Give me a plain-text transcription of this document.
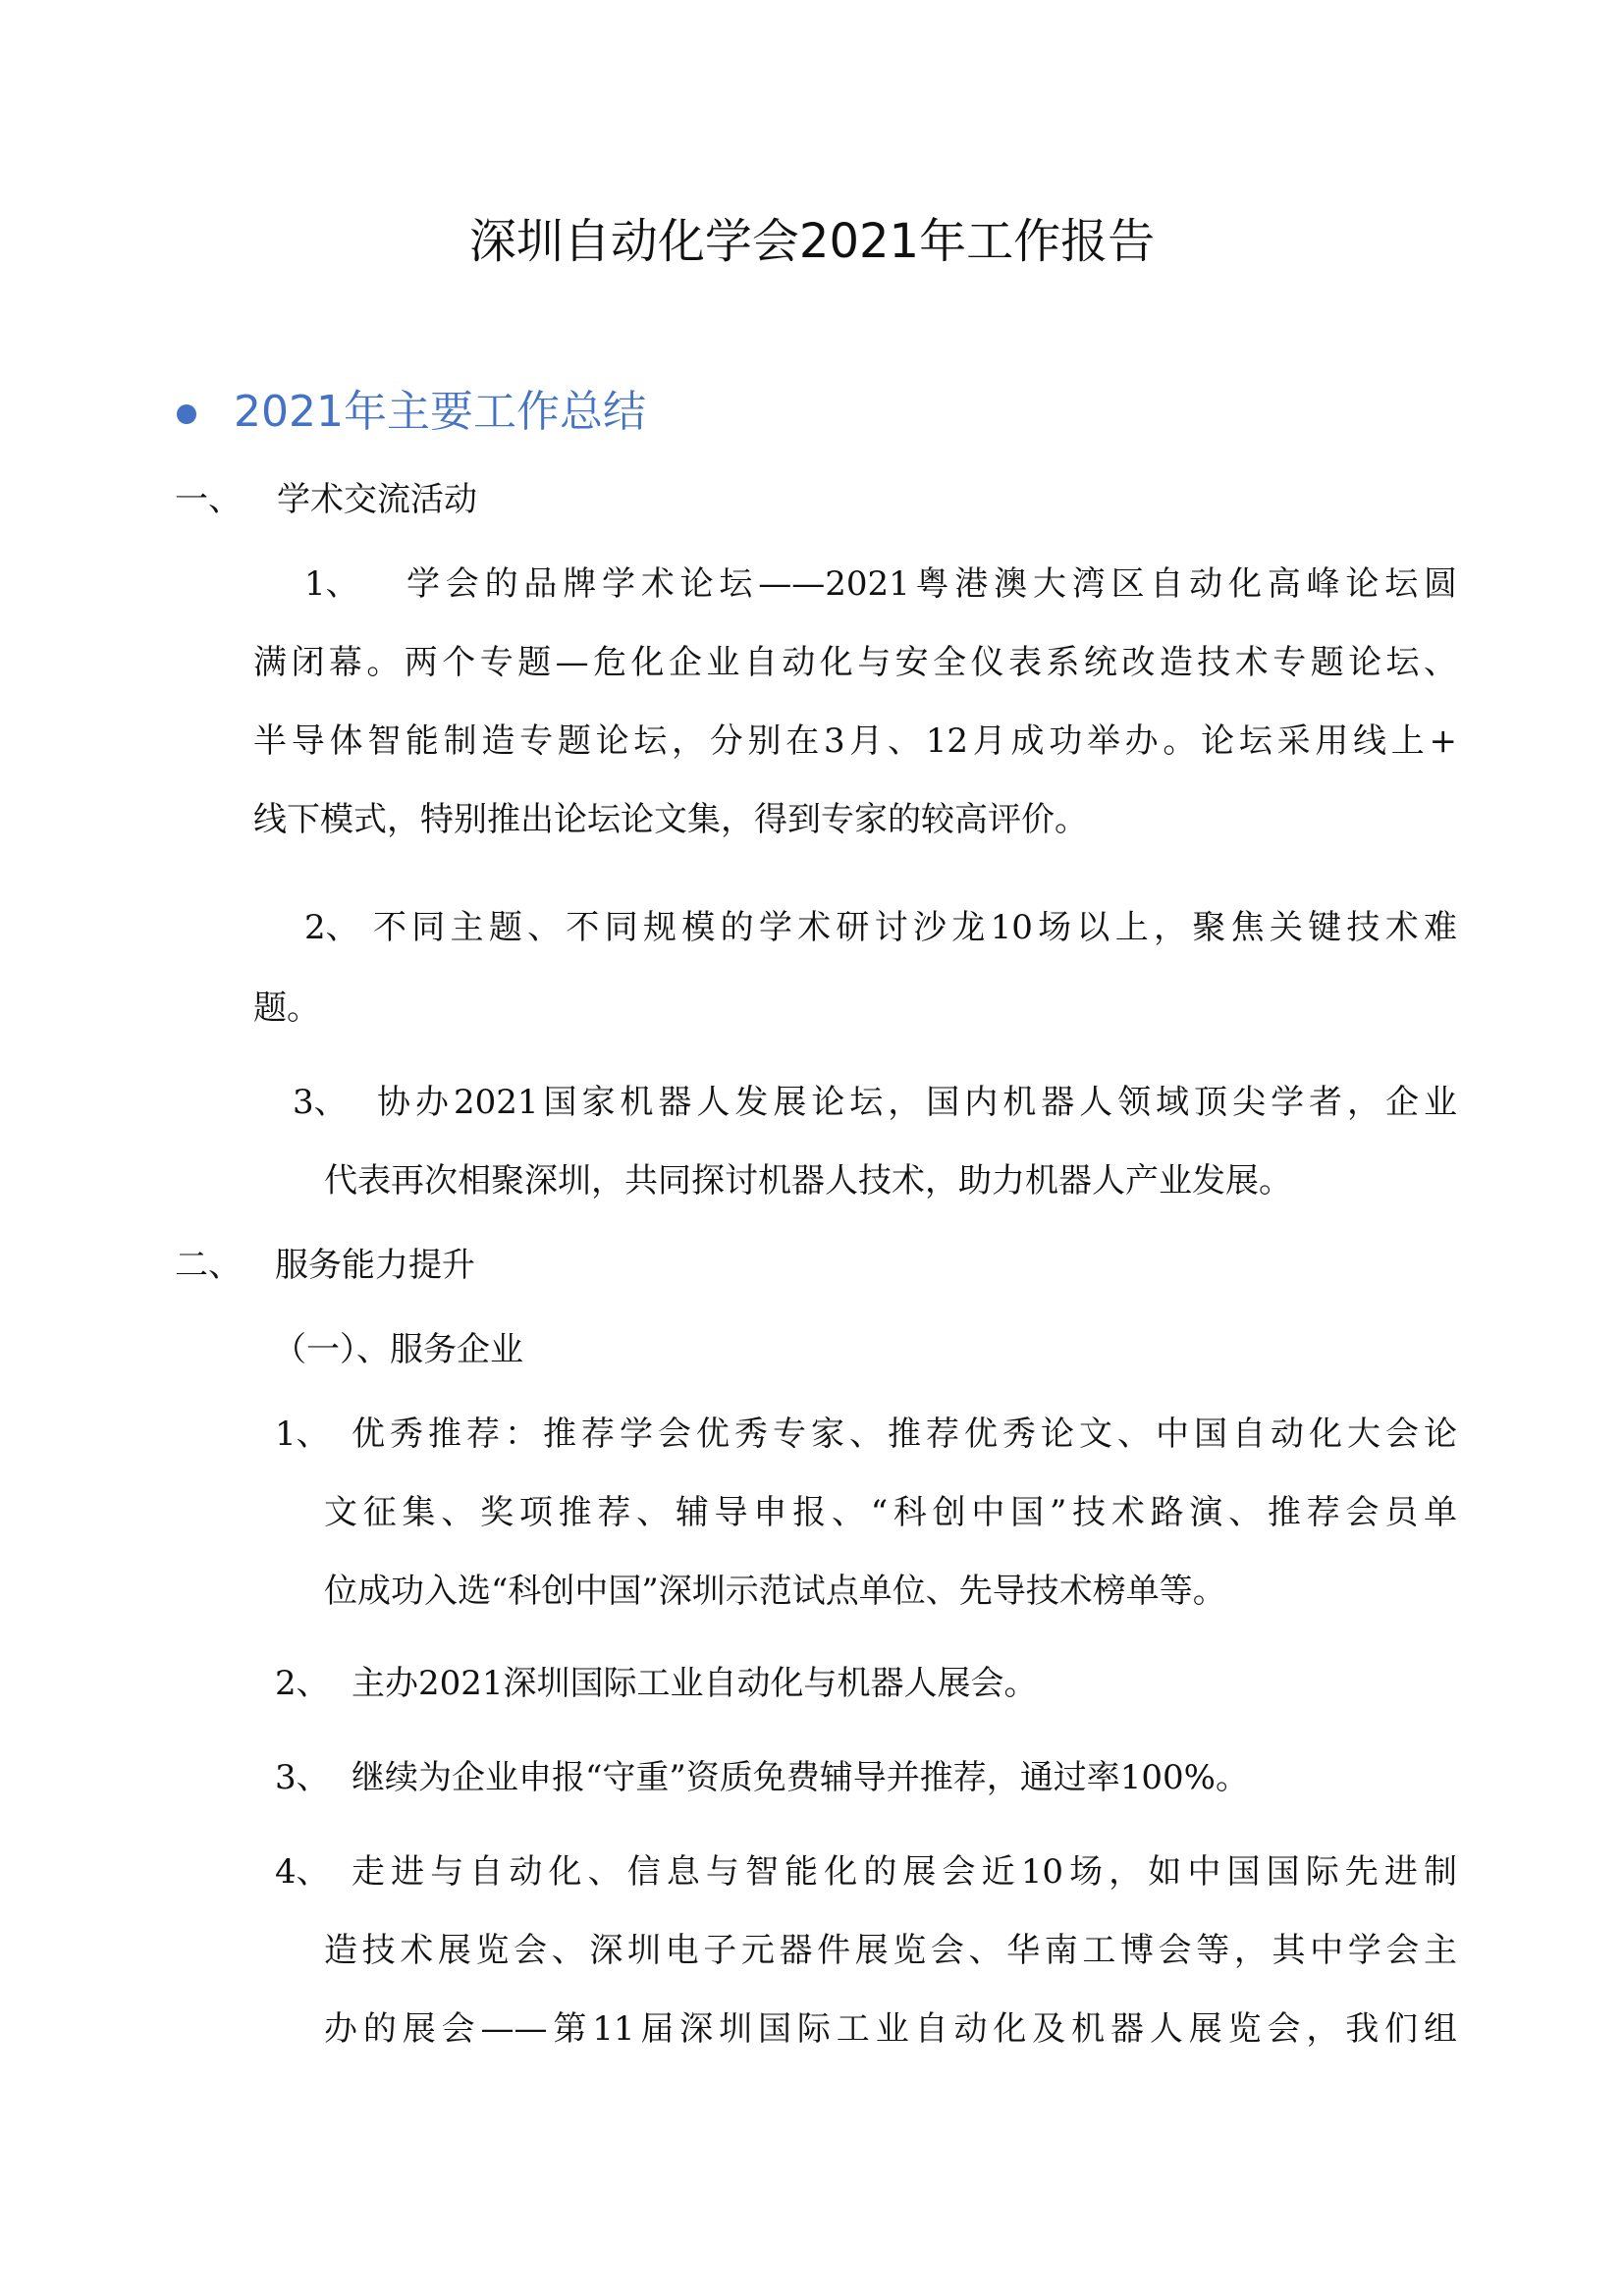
深圳自动化学会2021年工作报告
2021年主要工作总结
一、 学术交流活动
1、 学会的品牌学术论坛——2021粤港澳大湾区自动化高峰论坛圆
满闭幕。两个专题—危化企业自动化与安全仪表系统改造技术专题论坛、
半导体智能制造专题论坛，分别在3月、12月成功举办。论坛采用线上+
线下模式，特别推出论坛论文集，得到专家的较高评价。
2、 不同主题、不同规模的学术研讨沙龙10场以上，聚焦关键技术难
题。
3、 协办2021国家机器人发展论坛，国内机器人领域顶尖学者，企业
代表再次相聚深圳，共同探讨机器人技术，助力机器人产业发展。
二、 服务能力提升
（一）、服务企业
1、 优秀推荐：推荐学会优秀专家、推荐优秀论文、中国自动化大会论
文征集、奖项推荐、辅导申报、“科创中国”技术路演、推荐会员单
位成功入选“科创中国”深圳示范试点单位、先导技术榜单等。
2、 主办2021深圳国际工业自动化与机器人展会。
3、 继续为企业申报“守重”资质免费辅导并推荐，通过率100%。
4、 走进与自动化、信息与智能化的展会近10场，如中国国际先进制
造技术展览会、深圳电子元器件展览会、华南工博会等，其中学会主
办的展会——第11届深圳国际工业自动化及机器人展览会，我们组
